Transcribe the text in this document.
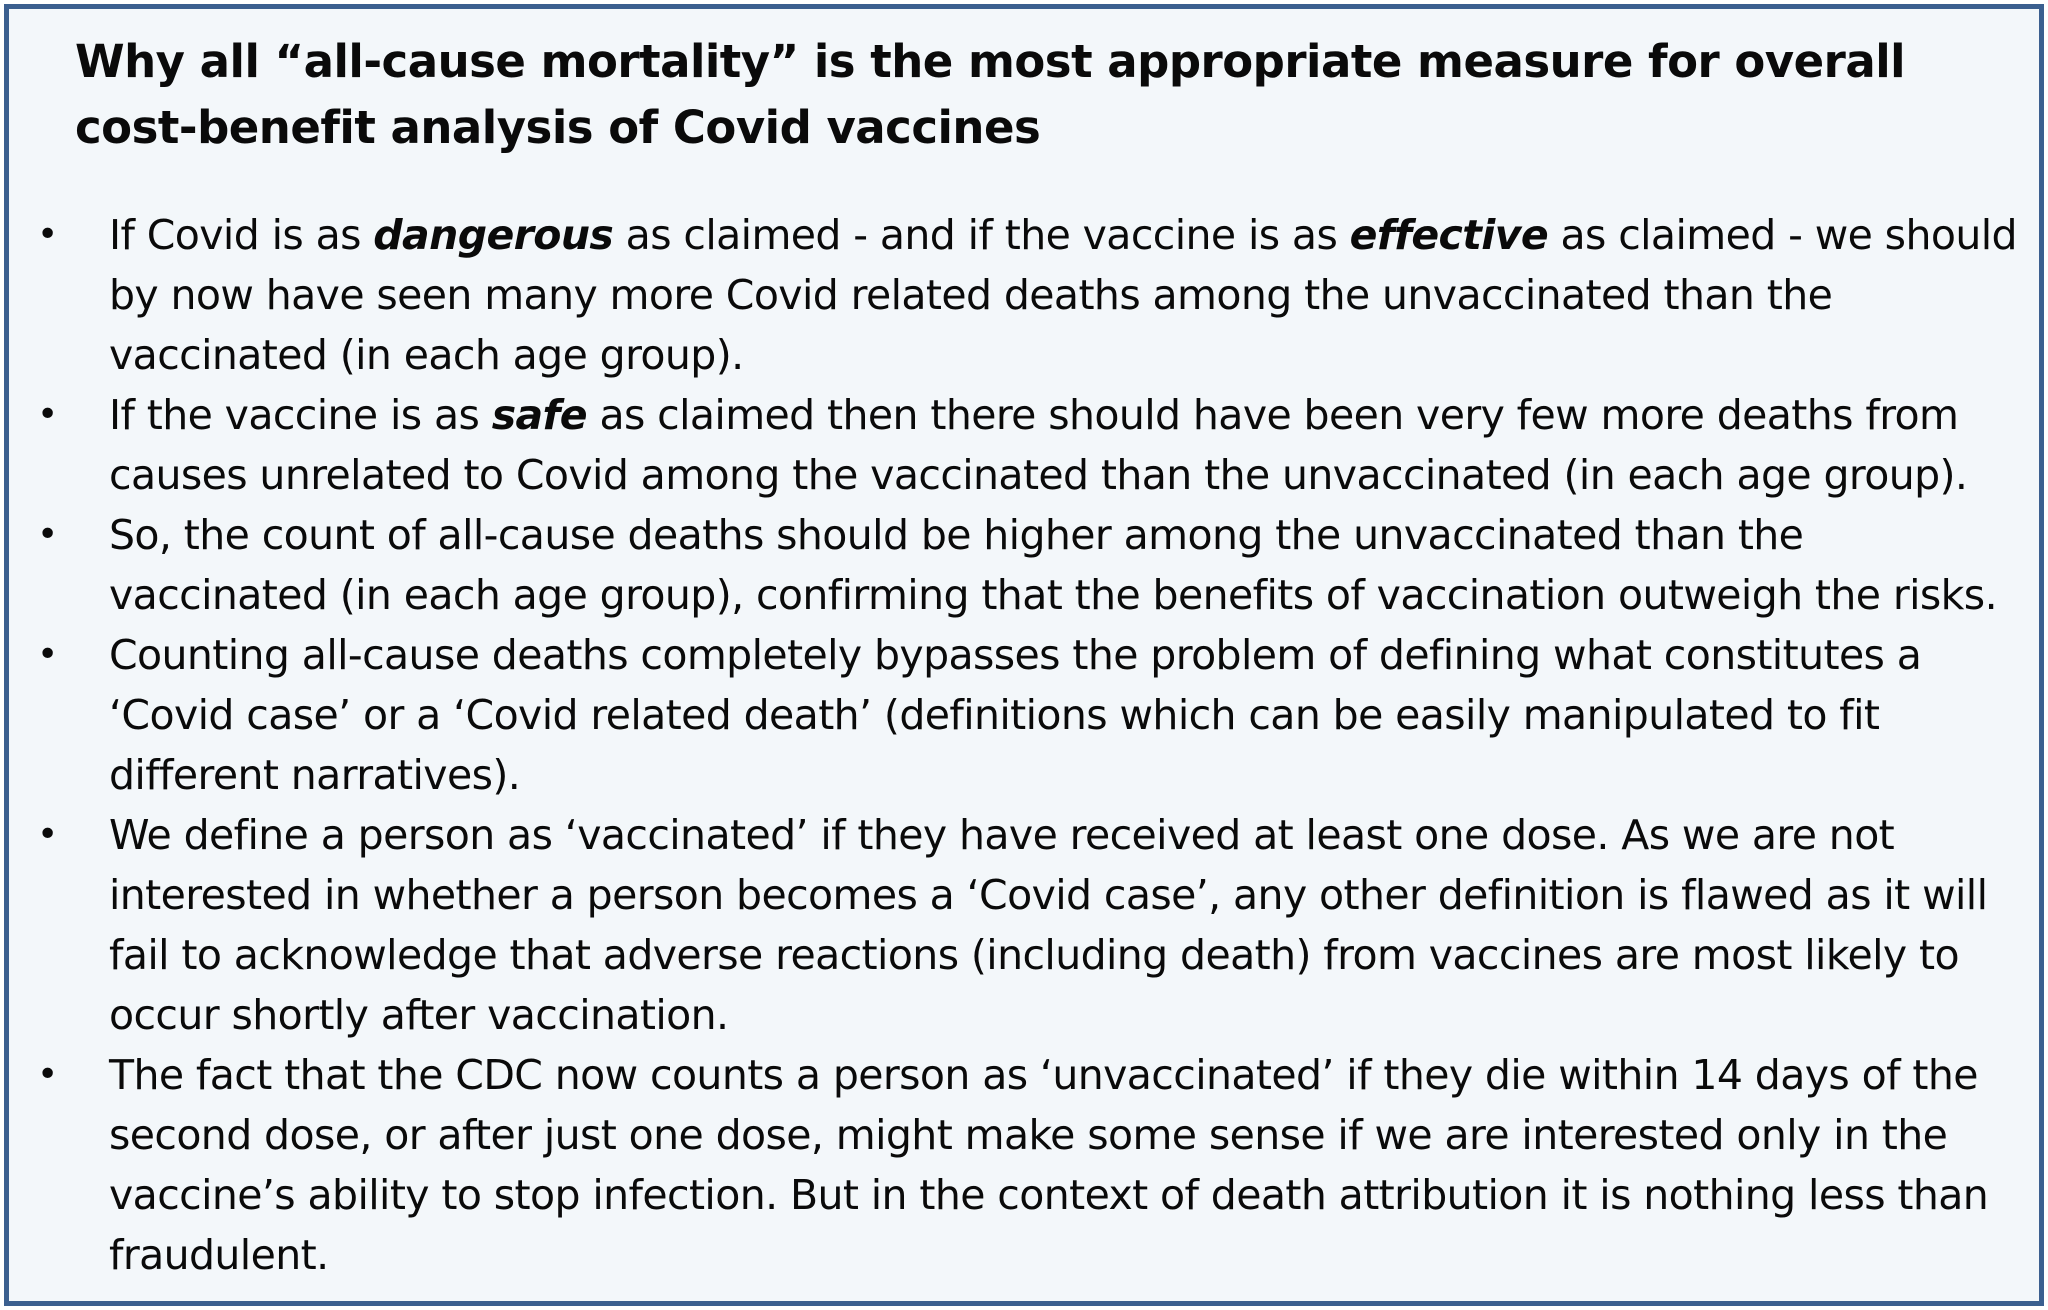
Why all “all-cause mortality” is the most appropriate measure for overall cost-benefit analysis of Covid vaccines
•	If Covid is as dangerous as claimed - and if the vaccine is as effective as claimed - we should by now have seen many more Covid related deaths among the unvaccinated than the vaccinated (in each age group).
•	If the vaccine is as safe as claimed then there should have been very few more deaths from causes unrelated to Covid among the vaccinated than the unvaccinated (in each age group).
•	So, the count of all-cause deaths should be higher among the unvaccinated than the vaccinated (in each age group), confirming that the benefits of vaccination outweigh the risks.
•	Counting all-cause deaths completely bypasses the problem of defining what constitutes a ‘Covid case’ or a ‘Covid related death’ (definitions which can be easily manipulated to fit different narratives).
•	We define a person as ‘vaccinated’ if they have received at least one dose. As we are not interested in whether a person becomes a ‘Covid case’, any other definition is flawed as it will fail to acknowledge that adverse reactions (including death) from vaccines are most likely to occur shortly after vaccination.
•	The fact that the CDC now counts a person as ‘unvaccinated’ if they die within 14 days of the second dose, or after just one dose, might make some sense if we are interested only in the vaccine’s ability to stop infection. But in the context of death attribution it is nothing less than fraudulent.
